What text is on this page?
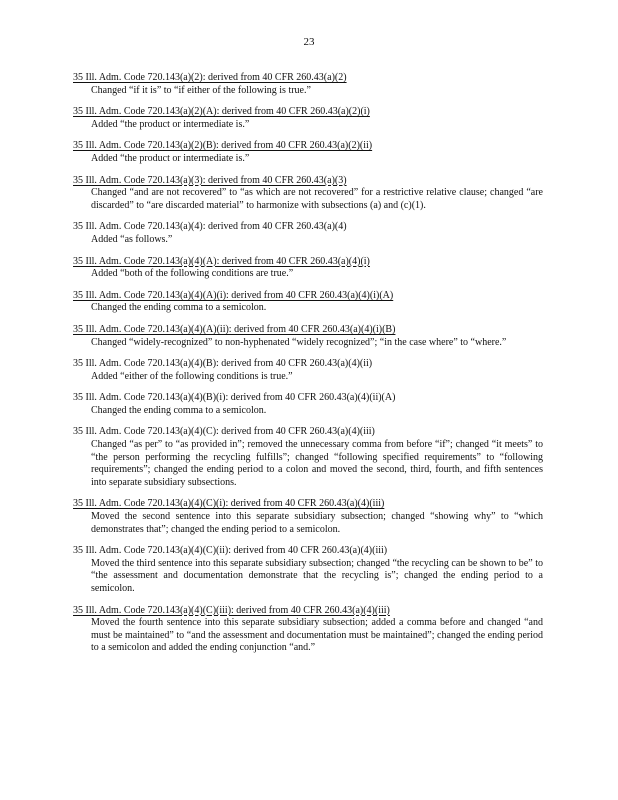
23
35 Ill. Adm. Code 720.143(a)(2): derived from 40 CFR 260.43(a)(2)
Changed “if it is” to “if either of the following is true.”
35 Ill. Adm. Code 720.143(a)(2)(A): derived from 40 CFR 260.43(a)(2)(i)
Added “the product or intermediate is.”
35 Ill. Adm. Code 720.143(a)(2)(B): derived from 40 CFR 260.43(a)(2)(ii)
Added “the product or intermediate is.”
35 Ill. Adm. Code 720.143(a)(3): derived from 40 CFR 260.43(a)(3)
Changed “and are not recovered” to “as which are not recovered” for a restrictive relative clause; changed “are discarded” to “are discarded material” to harmonize with subsections (a) and (c)(1).
35 Ill. Adm. Code 720.143(a)(4): derived from 40 CFR 260.43(a)(4)
Added “as follows.”
35 Ill. Adm. Code 720.143(a)(4)(A): derived from 40 CFR 260.43(a)(4)(i)
Added “both of the following conditions are true.”
35 Ill. Adm. Code 720.143(a)(4)(A)(i): derived from 40 CFR 260.43(a)(4)(i)(A)
Changed the ending comma to a semicolon.
35 Ill. Adm. Code 720.143(a)(4)(A)(ii): derived from 40 CFR 260.43(a)(4)(i)(B)
Changed “widely-recognized” to non-hyphenated “widely recognized”; “in the case where” to “where.”
35 Ill. Adm. Code 720.143(a)(4)(B): derived from 40 CFR 260.43(a)(4)(ii)
Added “either of the following conditions is true.”
35 Ill. Adm. Code 720.143(a)(4)(B)(i): derived from 40 CFR 260.43(a)(4)(ii)(A)
Changed the ending comma to a semicolon.
35 Ill. Adm. Code 720.143(a)(4)(C): derived from 40 CFR 260.43(a)(4)(iii)
Changed “as per” to “as provided in”; removed the unnecessary comma from before “if”; changed “it meets” to “the person performing the recycling fulfills”; changed “following specified requirements” to “following requirements”; changed the ending period to a colon and moved the second, third, fourth, and fifth sentences into separate subsidiary subsections.
35 Ill. Adm. Code 720.143(a)(4)(C)(i): derived from 40 CFR 260.43(a)(4)(iii)
Moved the second sentence into this separate subsidiary subsection; changed “showing why” to “which demonstrates that”; changed the ending period to a semicolon.
35 Ill. Adm. Code 720.143(a)(4)(C)(ii): derived from 40 CFR 260.43(a)(4)(iii)
Moved the third sentence into this separate subsidiary subsection; changed “the recycling can be shown to be” to “the assessment and documentation demonstrate that the recycling is”; changed the ending period to a semicolon.
35 Ill. Adm. Code 720.143(a)(4)(C)(iii): derived from 40 CFR 260.43(a)(4)(iii)
Moved the fourth sentence into this separate subsidiary subsection; added a comma before and changed “and must be maintained” to “and the assessment and documentation must be maintained”; changed the ending period to a semicolon and added the ending conjunction “and.”
